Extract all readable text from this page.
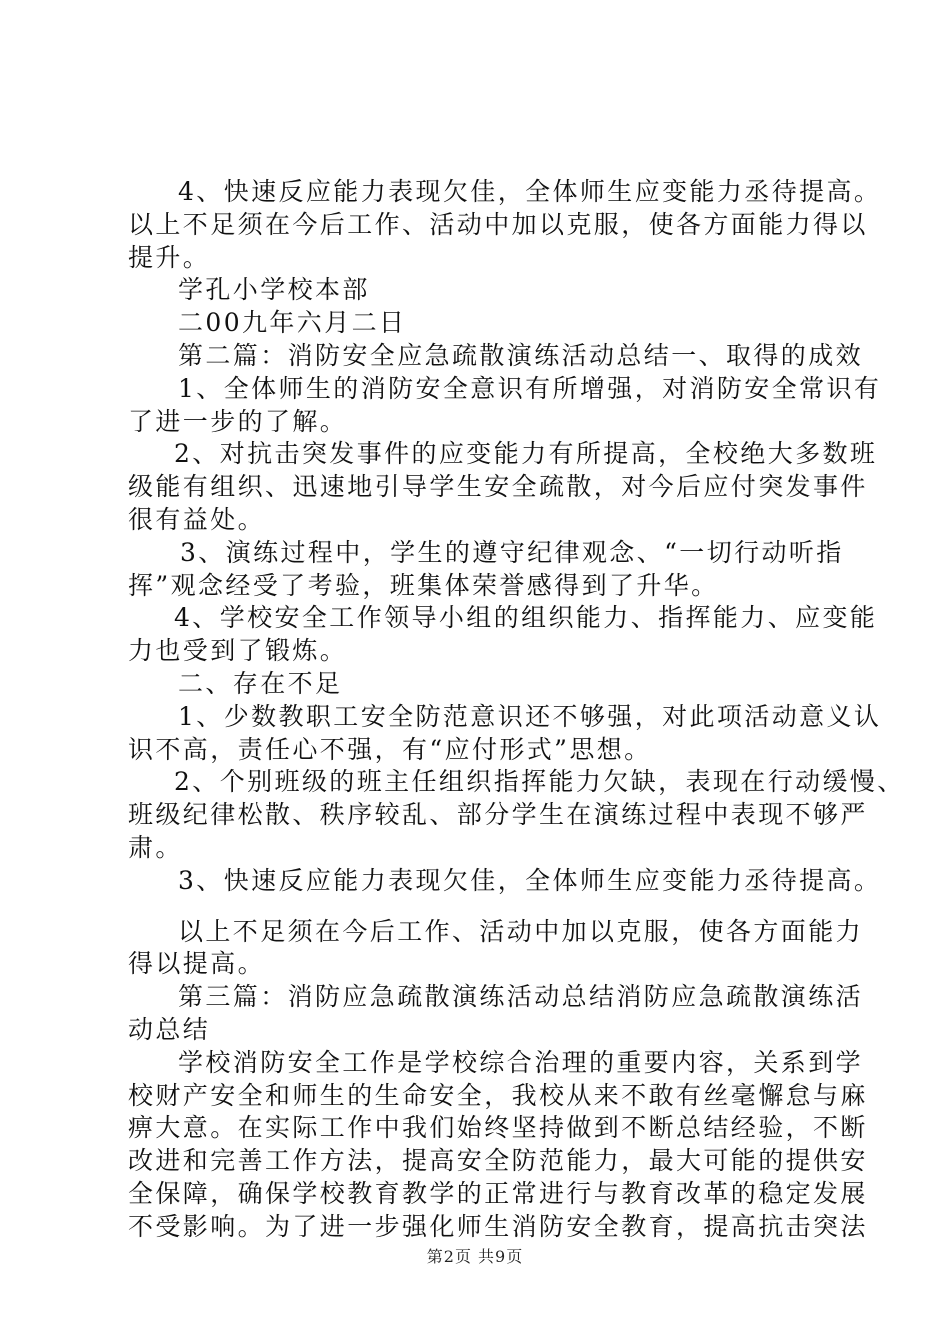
4、快速反应能力表现欠佳，全体师生应变能力丞待提高。
以上不足须在今后工作、活动中加以克服，使各方面能力得以
提升。
学孔小学校本部
二00九年六月二日
第二篇：消防安全应急疏散演练活动总结一、取得的成效
1、全体师生的消防安全意识有所增强，对消防安全常识有
了进一步的了解。
2、对抗击突发事件的应变能力有所提高，全校绝大多数班
级能有组织、迅速地引导学生安全疏散，对今后应付突发事件
很有益处。
3、演练过程中，学生的遵守纪律观念、“一切行动听指
挥”观念经受了考验，班集体荣誉感得到了升华。
4、学校安全工作领导小组的组织能力、指挥能力、应变能
力也受到了锻炼。
二、存在不足
1、少数教职工安全防范意识还不够强，对此项活动意义认
识不高，责任心不强，有“应付形式”思想。
2、个别班级的班主任组织指挥能力欠缺，表现在行动缓慢、
班级纪律松散、秩序较乱、部分学生在演练过程中表现不够严
肃。
3、快速反应能力表现欠佳，全体师生应变能力丞待提高。
以上不足须在今后工作、活动中加以克服，使各方面能力
得以提高。
第三篇：消防应急疏散演练活动总结消防应急疏散演练活
动总结
学校消防安全工作是学校综合治理的重要内容，关系到学
校财产安全和师生的生命安全，我校从来不敢有丝毫懈怠与麻
痹大意。在实际工作中我们始终坚持做到不断总结经验，不断
改进和完善工作方法，提高安全防范能力，最大可能的提供安
全保障，确保学校教育教学的正常进行与教育改革的稳定发展
不受影响。为了进一步强化师生消防安全教育，提高抗击突法
第2页 共9页
